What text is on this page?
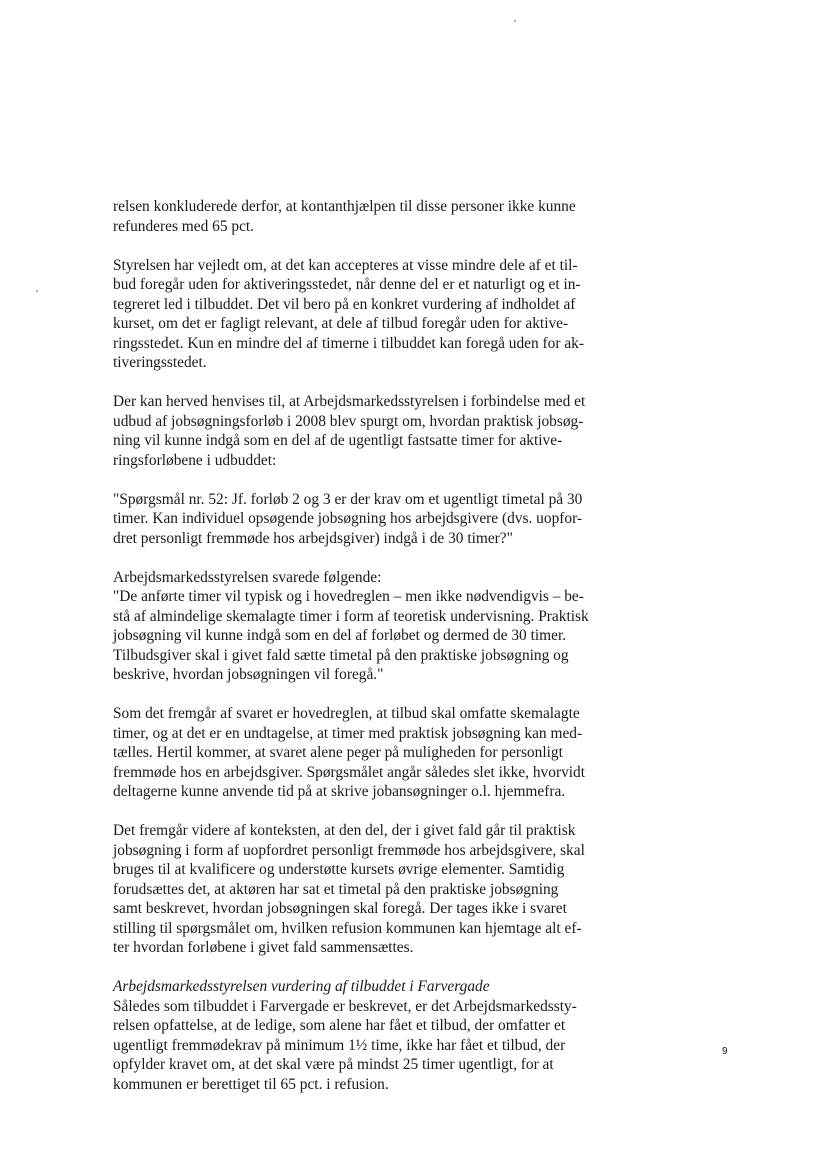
relsen konkluderede derfor, at kontanthjælpen til disse personer ikke kunne
refunderes med 65 pct.

Styrelsen har vejledt om, at det kan accepteres at visse mindre dele af et til-
bud foregår uden for aktiveringsstedet, når denne del er et naturligt og et in-
tegreret led i tilbuddet. Det vil bero på en konkret vurdering af indholdet af
kurset, om det er fagligt relevant, at dele af tilbud foregår uden for aktive-
ringsstedet. Kun en mindre del af timerne i tilbuddet kan foregå uden for ak-
tiveringsstedet.

Der kan herved henvises til, at Arbejdsmarkedsstyrelsen i forbindelse med et
udbud af jobsøgningsforløb i 2008 blev spurgt om, hvordan praktisk jobsøg-
ning vil kunne indgå som en del af de ugentligt fastsatte timer for aktive-
ringsforløbene i udbuddet:

"Spørgsmål nr. 52: Jf. forløb 2 og 3 er der krav om et ugentligt timetal på 30
timer. Kan individuel opsøgende jobsøgning hos arbejdsgivere (dvs. uopfor-
dret personligt fremmøde hos arbejdsgiver) indgå i de 30 timer?"

Arbejdsmarkedsstyrelsen svarede følgende:
"De anførte timer vil typisk og i hovedreglen – men ikke nødvendigvis – be-
stå af almindelige skemalagte timer i form af teoretisk undervisning. Praktisk
jobsøgning vil kunne indgå som en del af forløbet og dermed de 30 timer.
Tilbudsgiver skal i givet fald sætte timetal på den praktiske jobsøgning og
beskrive, hvordan jobsøgningen vil foregå."

Som det fremgår af svaret er hovedreglen, at tilbud skal omfatte skemalagte
timer, og at det er en undtagelse, at timer med praktisk jobsøgning kan med-
tælles. Hertil kommer, at svaret alene peger på muligheden for personligt
fremmøde hos en arbejdsgiver. Spørgsmålet angår således slet ikke, hvorvidt
deltagerne kunne anvende tid på at skrive jobansøgninger o.l. hjemmefra.

Det fremgår videre af konteksten, at den del, der i givet fald går til praktisk
jobsøgning i form af uopfordret personligt fremmøde hos arbejdsgivere, skal
bruges til at kvalificere og understøtte kursets øvrige elementer. Samtidig
forudsættes det, at aktøren har sat et timetal på den praktiske jobsøgning
samt beskrevet, hvordan jobsøgningen skal foregå. Der tages ikke i svaret
stilling til spørgsmålet om, hvilken refusion kommunen kan hjemtage alt ef-
ter hvordan forløbene i givet fald sammensættes.

Arbejdsmarkedsstyrelsen vurdering af tilbuddet i Farvergade
Således som tilbuddet i Farvergade er beskrevet, er det Arbejdsmarkedssty-
relsen opfattelse, at de ledige, som alene har fået et tilbud, der omfatter et
ugentligt fremmødekrav på minimum 1½ time, ikke har fået et tilbud, der
opfylder kravet om, at det skal være på mindst 25 timer ugentligt, for at
kommunen er berettiget til 65 pct. i refusion.

9
